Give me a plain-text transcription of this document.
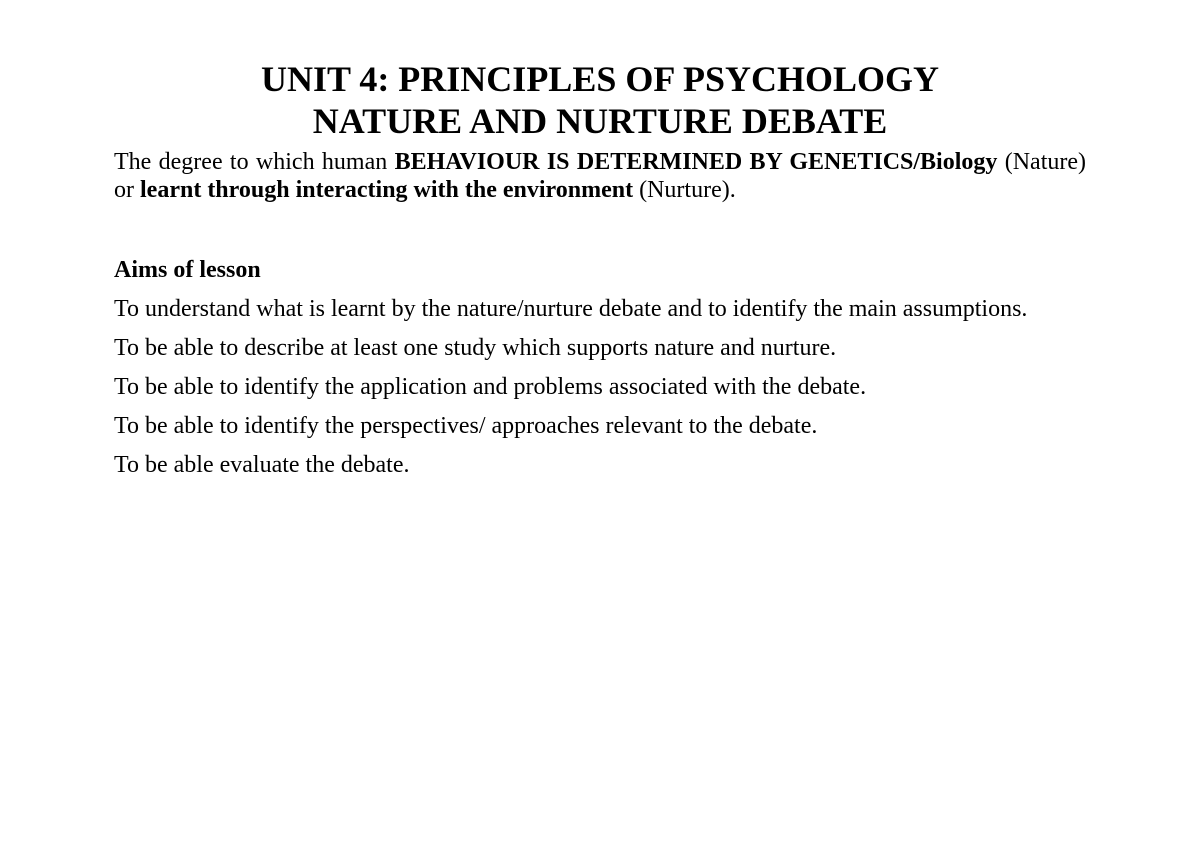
UNIT 4: PRINCIPLES OF PSYCHOLOGY
NATURE AND NURTURE DEBATE

The degree to which human BEHAVIOUR IS DETERMINED BY GENETICS/Biology (Nature) or learnt through interacting with the environment (Nurture).

Aims of lesson

To understand what is learnt by the nature/nurture debate and to identify the main assumptions.
To be able to describe at least one study which supports nature and nurture.
To be able to identify the application and problems associated with the debate.
To be able to identify the perspectives/ approaches relevant to the debate.
To be able evaluate the debate.
